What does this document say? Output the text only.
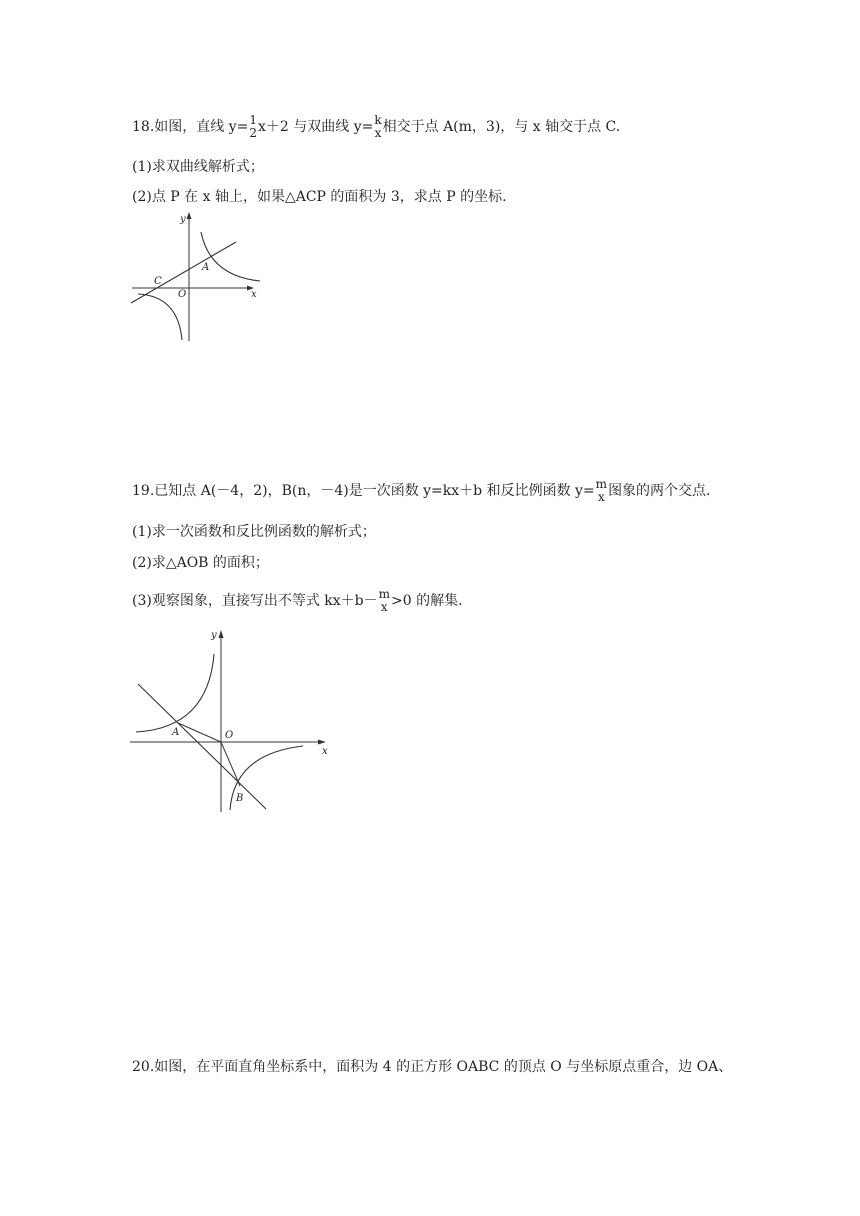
18.如图，直线 y= 1
2 x＋2 与双曲线 y= k
x 相交于点 A(m，3)，与 x 轴交于点 C.
(1)求双曲线解析式；
(2)点 P 在 x 轴上，如果△ACP 的面积为 3，求点 P 的坐标.
y
x
O
A
C
19.已知点 A(－4，2)，B(n，－4)是一次函数 y=kx＋b 和反比例函数 y= m
x 图象的两个交点.
(1)求一次函数和反比例函数的解析式；
(2)求△AOB 的面积；
(3)观察图象，直接写出不等式 kx＋b－ m
x >0 的解集.
y
x
O
A
B
20.如图，在平面直角坐标系中，面积为 4 的正方形 OABC 的顶点 O 与坐标原点重合，边 OA、
